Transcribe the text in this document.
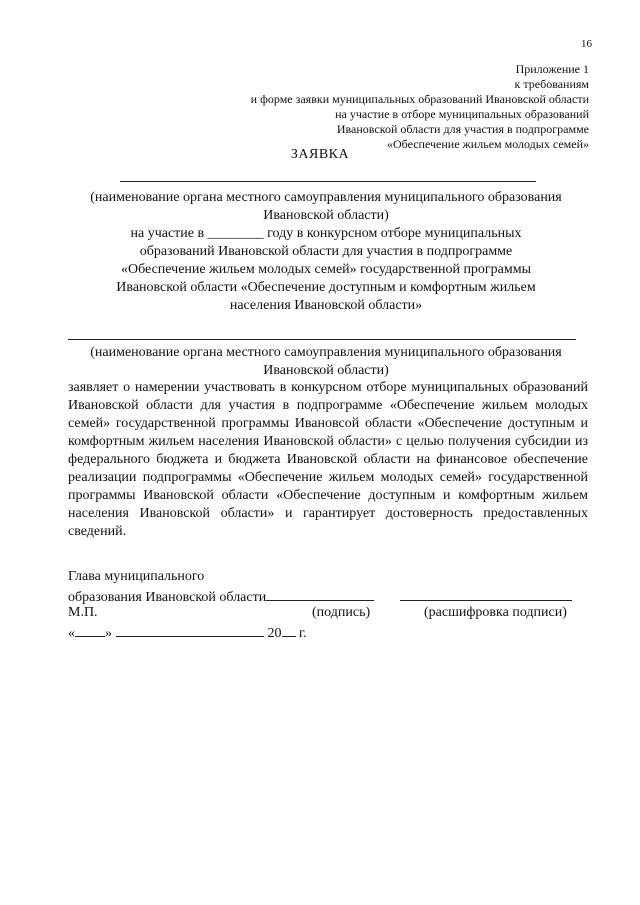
16
Приложение 1
к требованиям
и форме заявки муниципальных образований Ивановской области
на участие в отборе муниципальных образований
Ивановской области для участия в подпрограмме
«Обеспечение жильем молодых семей»
ЗАЯВКА
(наименование органа местного самоуправления муниципального образования
Ивановской области)
на участие в ________ году в конкурсном отборе муниципальных
образований Ивановской области для участия в подпрограмме
«Обеспечение жильем молодых семей» государственной программы
Ивановской области «Обеспечение доступным и комфортным жильем
населения Ивановской области»
(наименование органа местного самоуправления муниципального образования
Ивановской области)
заявляет о намерении участвовать в конкурсном отборе муниципальных образований Ивановской области для участия в подпрограмме «Обеспечение жильем молодых семей» государственной программы Ивановсой области «Обеспечение доступным и комфортным жильем населения Ивановской области» с целью получения субсидии из федерального бюджета и бюджета Ивановской области на финансовое обеспечение реализации подпрограммы «Обеспечение жильем молодых семей» государственной программы Ивановской области «Обеспечение доступным и комфортным жильем населения Ивановской области» и гарантирует достоверность предоставленных сведений.
Глава муниципального
образования Ивановской области
М.П.	(подпись)	(расшифровка подписи)
« »	20 г.
